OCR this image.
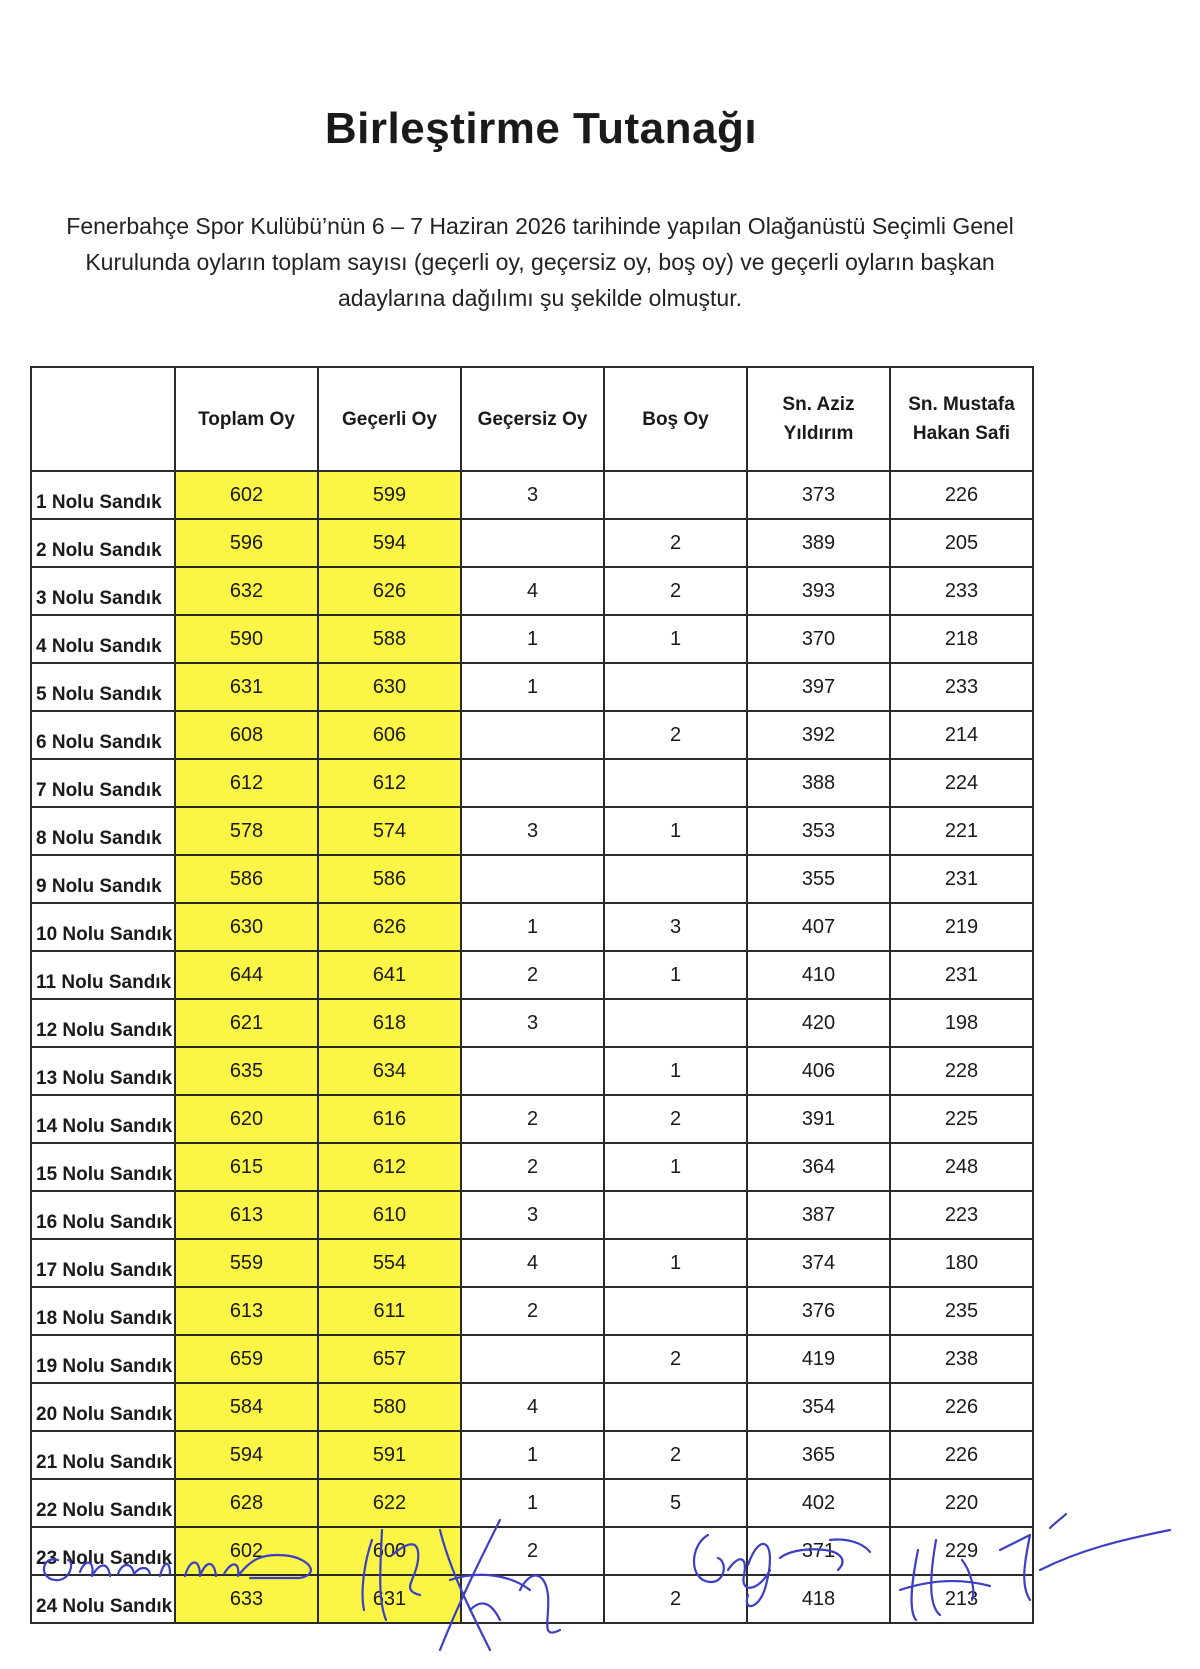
Birleştirme Tutanağı
Fenerbahçe Spor Kulübü’nün 6 – 7 Haziran 2026 tarihinde yapılan Olağanüstü Seçimli Genel Kurulunda oyların toplam sayısı (geçerli oy, geçersiz oy, boş oy) ve geçerli oyların başkan adaylarına dağılımı şu şekilde olmuştur.
	Toplam Oy	Geçerli Oy	Geçersiz Oy	Boş Oy	Sn. Aziz Yıldırım	Sn. Mustafa Hakan Safi
1 Nolu Sandık	602	599	3		373	226
2 Nolu Sandık	596	594		2	389	205
3 Nolu Sandık	632	626	4	2	393	233
4 Nolu Sandık	590	588	1	1	370	218
5 Nolu Sandık	631	630	1		397	233
6 Nolu Sandık	608	606		2	392	214
7 Nolu Sandık	612	612			388	224
8 Nolu Sandık	578	574	3	1	353	221
9 Nolu Sandık	586	586			355	231
10 Nolu Sandık	630	626	1	3	407	219
11 Nolu Sandık	644	641	2	1	410	231
12 Nolu Sandık	621	618	3		420	198
13 Nolu Sandık	635	634		1	406	228
14 Nolu Sandık	620	616	2	2	391	225
15 Nolu Sandık	615	612	2	1	364	248
16 Nolu Sandık	613	610	3		387	223
17 Nolu Sandık	559	554	4	1	374	180
18 Nolu Sandık	613	611	2		376	235
19 Nolu Sandık	659	657		2	419	238
20 Nolu Sandık	584	580	4		354	226
21 Nolu Sandık	594	591	1	2	365	226
22 Nolu Sandık	628	622	1	5	402	220
23 Nolu Sandık	602	600	2		371	229
24 Nolu Sandık	633	631		2	418	213
